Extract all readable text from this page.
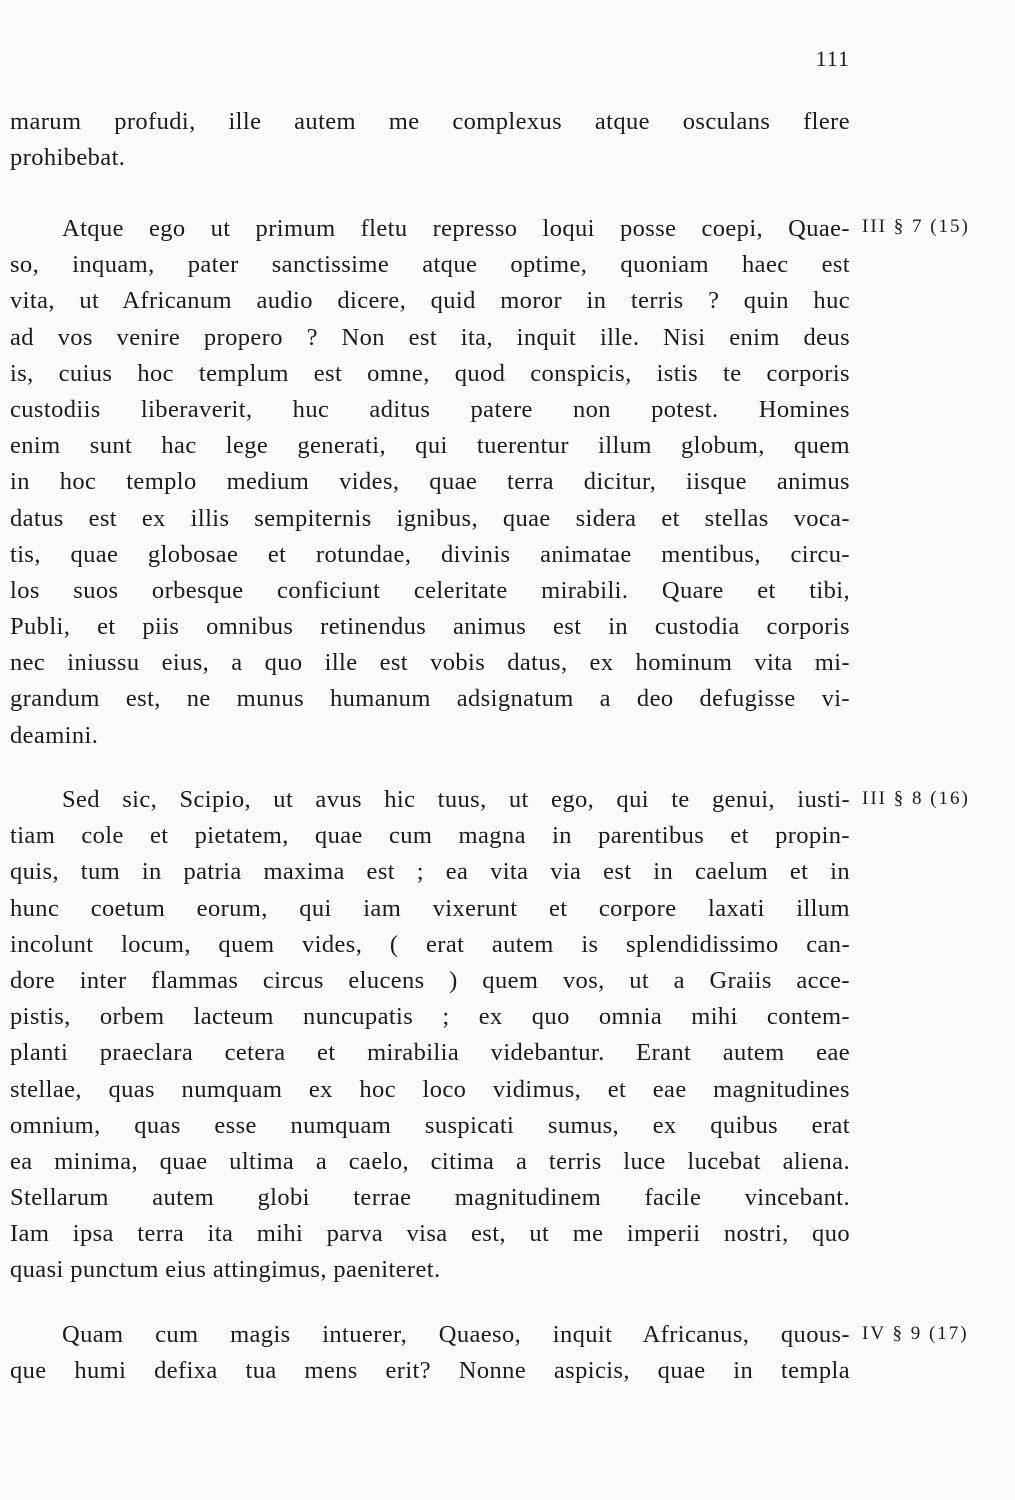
111
marum profudi, ille autem me complexus atque osculans flere
prohibebat.
III § 7 (15)
Atque ego ut primum fletu represso loqui posse coepi, Quae-
so, inquam, pater sanctissime atque optime, quoniam haec est
vita, ut Africanum audio dicere, quid moror in terris ? quin huc
ad vos venire propero ? Non est ita, inquit ille. Nisi enim deus
is, cuius hoc templum est omne, quod conspicis, istis te corporis
custodiis liberaverit, huc aditus patere non potest. Homines
enim sunt hac lege generati, qui tuerentur illum globum, quem
in hoc templo medium vides, quae terra dicitur, iisque animus
datus est ex illis sempiternis ignibus, quae sidera et stellas voca-
tis, quae globosae et rotundae, divinis animatae mentibus, circu-
los suos orbesque conficiunt celeritate mirabili. Quare et tibi,
Publi, et piis omnibus retinendus animus est in custodia corporis
nec iniussu eius, a quo ille est vobis datus, ex hominum vita mi-
grandum est, ne munus humanum adsignatum a deo defugisse vi-
deamini.
III § 8 (16)
Sed sic, Scipio, ut avus hic tuus, ut ego, qui te genui, iusti-
tiam cole et pietatem, quae cum magna in parentibus et propin-
quis, tum in patria maxima est ; ea vita via est in caelum et in
hunc coetum eorum, qui iam vixerunt et corpore laxati illum
incolunt locum, quem vides, ( erat autem is splendidissimo can-
dore inter flammas circus elucens ) quem vos, ut a Graiis acce-
pistis, orbem lacteum nuncupatis ; ex quo omnia mihi contem-
planti praeclara cetera et mirabilia videbantur. Erant autem eae
stellae, quas numquam ex hoc loco vidimus, et eae magnitudines
omnium, quas esse numquam suspicati sumus, ex quibus erat
ea minima, quae ultima a caelo, citima a terris luce lucebat aliena.
Stellarum autem globi terrae magnitudinem facile vincebant.
Iam ipsa terra ita mihi parva visa est, ut me imperii nostri, quo
quasi punctum eius attingimus, paeniteret.
IV § 9 (17)
Quam cum magis intuerer, Quaeso, inquit Africanus, quous-
que humi defixa tua mens erit? Nonne aspicis, quae in templa
